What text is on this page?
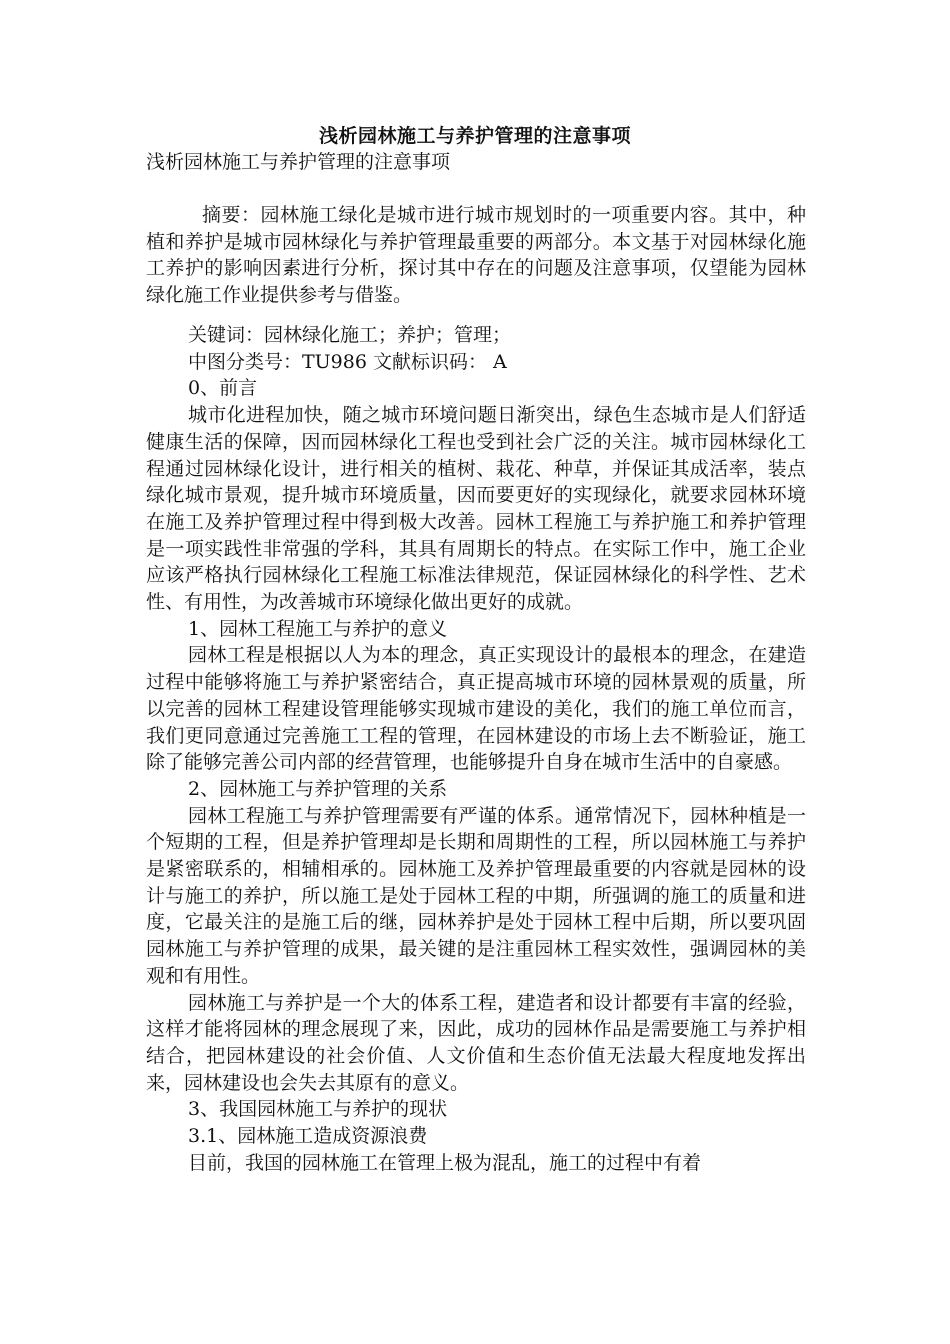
浅析园林施工与养护管理的注意事项
浅析园林施工与养护管理的注意事项

摘要：园林施工绿化是城市进行城市规划时的一项重要内容。其中，种植和养护是城市园林绿化与养护管理最重要的两部分。本文基于对园林绿化施工养护的影响因素进行分析，探讨其中存在的问题及注意事项，仅望能为园林绿化施工作业提供参考与借鉴。

关键词：园林绿化施工；养护；管理；

中图分类号：TU986 文献标识码： A

0、前言

城市化进程加快，随之城市环境问题日渐突出，绿色生态城市是人们舒适健康生活的保障，因而园林绿化工程也受到社会广泛的关注。城市园林绿化工程通过园林绿化设计，进行相关的植树、栽花、种草，并保证其成活率，装点绿化城市景观，提升城市环境质量，因而要更好的实现绿化，就要求园林环境在施工及养护管理过程中得到极大改善。园林工程施工与养护施工和养护管理是一项实践性非常强的学科，其具有周期长的特点。在实际工作中，施工企业应该严格执行园林绿化工程施工标准法律规范，保证园林绿化的科学性、艺术性、有用性，为改善城市环境绿化做出更好的成就。

1、园林工程施工与养护的意义

园林工程是根据以人为本的理念，真正实现设计的最根本的理念，在建造过程中能够将施工与养护紧密结合，真正提高城市环境的园林景观的质量，所以完善的园林工程建设管理能够实现城市建设的美化，我们的施工单位而言，我们更同意通过完善施工工程的管理，在园林建设的市场上去不断验证，施工除了能够完善公司内部的经营管理，也能够提升自身在城市生活中的自豪感。

2、园林施工与养护管理的关系

园林工程施工与养护管理需要有严谨的体系。通常情况下，园林种植是一个短期的工程，但是养护管理却是长期和周期性的工程，所以园林施工与养护是紧密联系的，相辅相承的。园林施工及养护管理最重要的内容就是园林的设计与施工的养护，所以施工是处于园林工程的中期，所强调的施工的质量和进度，它最关注的是施工后的继，园林养护是处于园林工程中后期，所以要巩固园林施工与养护管理的成果，最关键的是注重园林工程实效性，强调园林的美观和有用性。

园林施工与养护是一个大的体系工程，建造者和设计都要有丰富的经验，这样才能将园林的理念展现了来，因此，成功的园林作品是需要施工与养护相结合，把园林建设的社会价值、人文价值和生态价值无法最大程度地发挥出来，园林建设也会失去其原有的意义。

3、我国园林施工与养护的现状

3.1、园林施工造成资源浪费

目前，我国的园林施工在管理上极为混乱，施工的过程中有着
